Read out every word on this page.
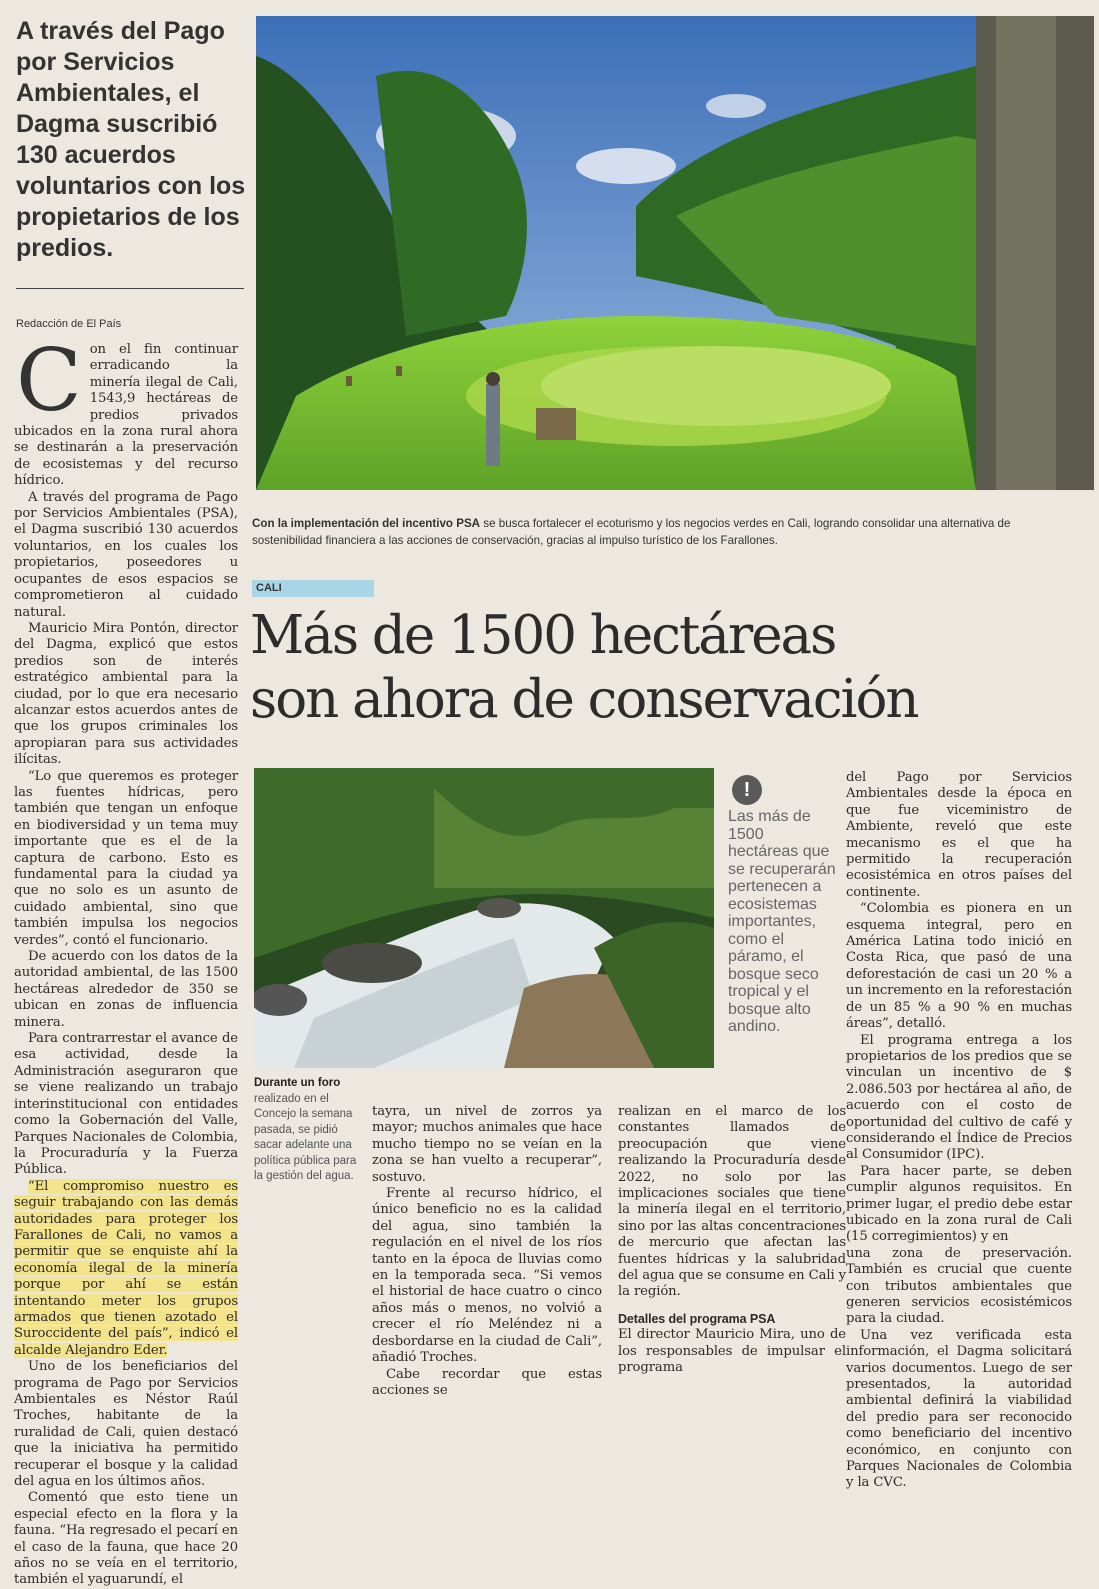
A través del Pago por Servicios Ambientales, el Dagma suscribió 130 acuerdos voluntarios con los propietarios de los predios.
Redacción de El País
C on el fin continuar erradicando la minería ilegal de Cali, 1543,9 hectáreas de predios privados ubicados en la zona rural ahora se destinarán a la preservación de ecosistemas y del recurso hídrico.

A través del programa de Pago por Servicios Ambientales (PSA), el Dagma suscribió 130 acuerdos voluntarios, en los cuales los propietarios, poseedores u ocupantes de esos espacios se comprometieron al cuidado natural.

Mauricio Mira Pontón, director del Dagma, explicó que estos predios son de interés estratégico ambiental para la ciudad, por lo que era necesario alcanzar estos acuerdos antes de que los grupos criminales los apropiaran para sus actividades ilícitas.

“Lo que queremos es proteger las fuentes hídricas, pero también que tengan un enfoque en biodiversidad y un tema muy importante que es el de la captura de carbono. Esto es fundamental para la ciudad ya que no solo es un asunto de cuidado ambiental, sino que también impulsa los negocios verdes”, contó el funcionario.

De acuerdo con los datos de la autoridad ambiental, de las 1500 hectáreas alrededor de 350 se ubican en zonas de influencia minera.

Para contrarrestar el avance de esa actividad, desde la Administración aseguraron que se viene realizando un trabajo interinstitucional con entidades como la Gobernación del Valle, Parques Nacionales de Colombia, la Procuraduría y la Fuerza Pública.

“El compromiso nuestro es seguir trabajando con las demás autoridades para proteger los Farallones de Cali, no vamos a permitir que se enquiste ahí la economía ilegal de la minería porque por ahí se están intentando meter los grupos armados que tienen azotado el Suroccidente del país”, indicó el alcalde Alejandro Eder.

Uno de los beneficiarios del programa de Pago por Servicios Ambientales es Néstor Raúl Troches, habitante de la ruralidad de Cali, quien destacó que la iniciativa ha permitido recuperar el bosque y la calidad del agua en los últimos años.

Comentó que esto tiene un especial efecto en la flora y la fauna. “Ha regresado el pecarí en el caso de la fauna, que hace 20 años no se veía en el territorio, también el yaguarundí, el

Con la implementación del incentivo PSA se busca fortalecer el ecoturismo y los negocios verdes en Cali, logrando consolidar una alternativa de sostenibilidad financiera a las acciones de conservación, gracias al impulso turístico de los Farallones.
CALI
Más de 1500 hectáreas
son ahora de conservación
Durante un foro realizado en el Concejo la semana pasada, se pidió sacar adelante una política pública para la gestión del agua.
!
Las más de 1500 hectáreas que se recuperarán pertenecen a ecosistemas importantes, como el páramo, el bosque seco tropical y el bosque alto andino.

tayra, un nivel de zorros ya mayor; muchos animales que hace mucho tiempo no se veían en la zona se han vuelto a recuperar”, sostuvo.

Frente al recurso hídrico, el único beneficio no es la calidad del agua, sino también la regulación en el nivel de los ríos tanto en la época de lluvias como en la temporada seca. “Si vemos el historial de hace cuatro o cinco años más o menos, no volvió a crecer el río Meléndez ni a desbordarse en la ciudad de Cali”, añadió Troches.

Cabe recordar que estas acciones se

realizan en el marco de los constantes llamados de preocupación que viene realizando la Procuraduría desde 2022, no solo por las implicaciones sociales que tiene la minería ilegal en el territorio, sino por las altas concentraciones de mercurio que afectan las fuentes hídricas y la salubridad del agua que se consume en Cali y la región.

Detalles del programa PSA

El director Mauricio Mira, uno de los responsables de impulsar el programa

del Pago por Servicios Ambientales desde la época en que fue viceministro de Ambiente, reveló que este mecanismo es el que ha permitido la recuperación ecosistémica en otros países del continente.

“Colombia es pionera en un esquema integral, pero en América Latina todo inició en Costa Rica, que pasó de una deforestación de casi un 20 % a un incremento en la reforestación de un 85 % a 90 % en muchas áreas”, detalló.

El programa entrega a los propietarios de los predios que se vinculan un incentivo de $ 2.086.503 por hectárea al año, de acuerdo con el costo de oportunidad del cultivo de café y considerando el Índice de Precios al Consumidor (IPC).

Para hacer parte, se deben cumplir algunos requisitos. En primer lugar, el predio debe estar ubicado en la zona rural de Cali (15 corregimientos) y en

una zona de preservación. También es crucial que cuente con tributos ambientales que generen servicios ecosistémicos para la ciudad.

Una vez verificada esta información, el Dagma solicitará varios documentos. Luego de ser presentados, la autoridad ambiental definirá la viabilidad del predio para ser reconocido como beneficiario del incentivo económico, en conjunto con Parques Nacionales de Colombia y la CVC.
